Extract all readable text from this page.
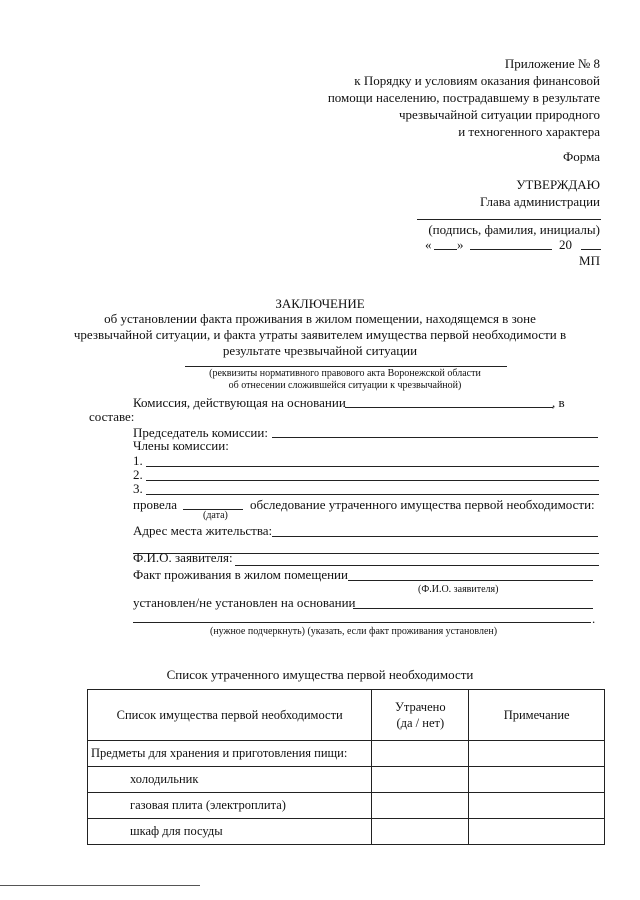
Приложение № 8
к Порядку и условиям оказания финансовой
помощи населению, пострадавшему в результате
чрезвычайной ситуации природного
и техногенного характера
Форма
УТВЕРЖДАЮ
Глава администрации
(подпись, фамилия, инициалы)
« »	20
МП
ЗАКЛЮЧЕНИЕ
об установлении факта проживания в жилом помещении, находящемся в зоне
чрезвычайной ситуации, и факта утраты заявителем имущества первой необходимости в
результате чрезвычайной ситуации
(реквизиты нормативного правового акта Воронежской области
об отнесении сложившейся ситуации к чрезвычайной)
Комиссия, действующая на основании	, в
составе:
Председатель комиссии:
Члены комиссии:
1.
2.
3.
провела	обследование утраченного имущества первой необходимости:
(дата)
Адрес места жительства:
Ф.И.О. заявителя:
Факт проживания в жилом помещении
(Ф.И.О. заявителя)
установлен/не установлен на основании
.
(нужное подчеркнуть) (указать, если факт проживания установлен)
Список утраченного имущества первой необходимости
Список имущества первой необходимости	Утрачено (да / нет)	Примечание
Предметы для хранения и приготовления пищи:		
холодильник		
газовая плита (электроплита)		
шкаф для посуды		
